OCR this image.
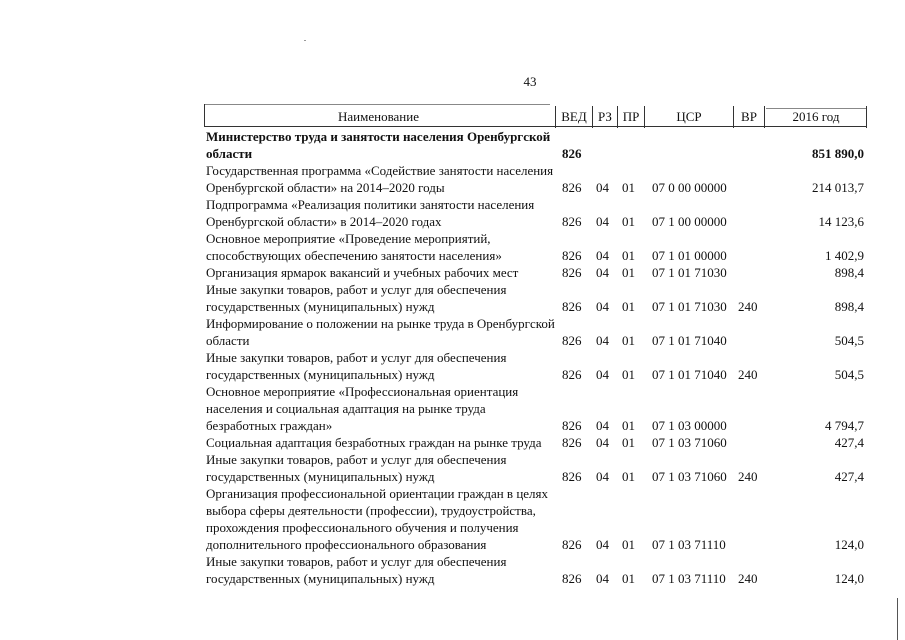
43
Наименование	ВЕД РЗ ПР	ЦСР	ВР	2016 год
Министерство труда и занятости населения Оренбургской
области	826	851 890,0
Государственная программа «Содействие занятости населения
Оренбургской области» на 2014–2020 годы	826 04 01 07 0 00 00000	214 013,7
Подпрограмма «Реализация политики занятости населения
Оренбургской области» в 2014–2020 годах	826 04 01 07 1 00 00000	14 123,6
Основное мероприятие «Проведение мероприятий,
способствующих обеспечению занятости населения»	826 04 01 07 1 01 00000	1 402,9
Организация ярмарок вакансий и учебных рабочих мест	826 04 01 07 1 01 71030	898,4
Иные закупки товаров, работ и услуг для обеспечения
государственных (муниципальных) нужд	826 04 01 07 1 01 71030 240	898,4
Информирование о положении на рынке труда в Оренбургской
области	826 04 01 07 1 01 71040	504,5
Иные закупки товаров, работ и услуг для обеспечения
государственных (муниципальных) нужд	826 04 01 07 1 01 71040 240	504,5
Основное мероприятие «Профессиональная ориентация
населения и социальная адаптация на рынке труда
безработных граждан»	826 04 01 07 1 03 00000	4 794,7
Социальная адаптация безработных граждан на рынке труда 826 04 01 07 1 03 71060	427,4
Иные закупки товаров, работ и услуг для обеспечения
государственных (муниципальных) нужд	826 04 01 07 1 03 71060 240	427,4
Организация профессиональной ориентации граждан в целях
выбора сферы деятельности (профессии), трудоустройства,
прохождения профессионального обучения и получения
дополнительного профессионального образования	826 04 01 07 1 03 71110	124,0
Иные закупки товаров, работ и услуг для обеспечения
государственных (муниципальных) нужд	826 04 01 07 1 03 71110 240	124,0
